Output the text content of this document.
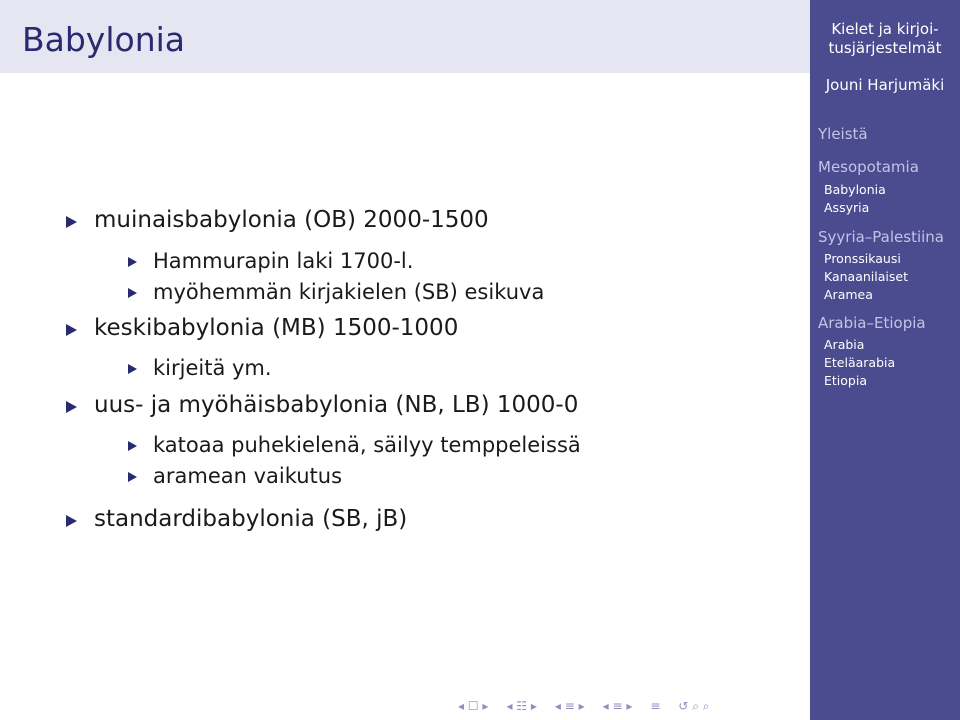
Babylonia
muinaisbabylonia (OB) 2000-1500
Hammurapin laki 1700-l.
myöhemmän kirjakielen (SB) esikuva
keskibabylonia (MB) 1500-1000
kirjeitä ym.
uus- ja myöhäisbabylonia (NB, LB) 1000-0
katoaa puhekielenä, säilyy temppeleissä
aramean vaikutus
standardibabylonia (SB, jB)
◂ ☐ ▸ ◂ ☷ ▸ ◂ ≡ ▸ ◂ ≡ ▸ ≡ ↺ ⌕ ⌕
Kielet ja kirjoi-
tusjärjestelmät
Jouni Harjumäki
Yleistä
Mesopotamia
Babylonia
Assyria
Syyria–Palestiina
Pronssikausi
Kanaanilaiset
Aramea
Arabia–Etiopia
Arabia
Eteläarabia
Etiopia
